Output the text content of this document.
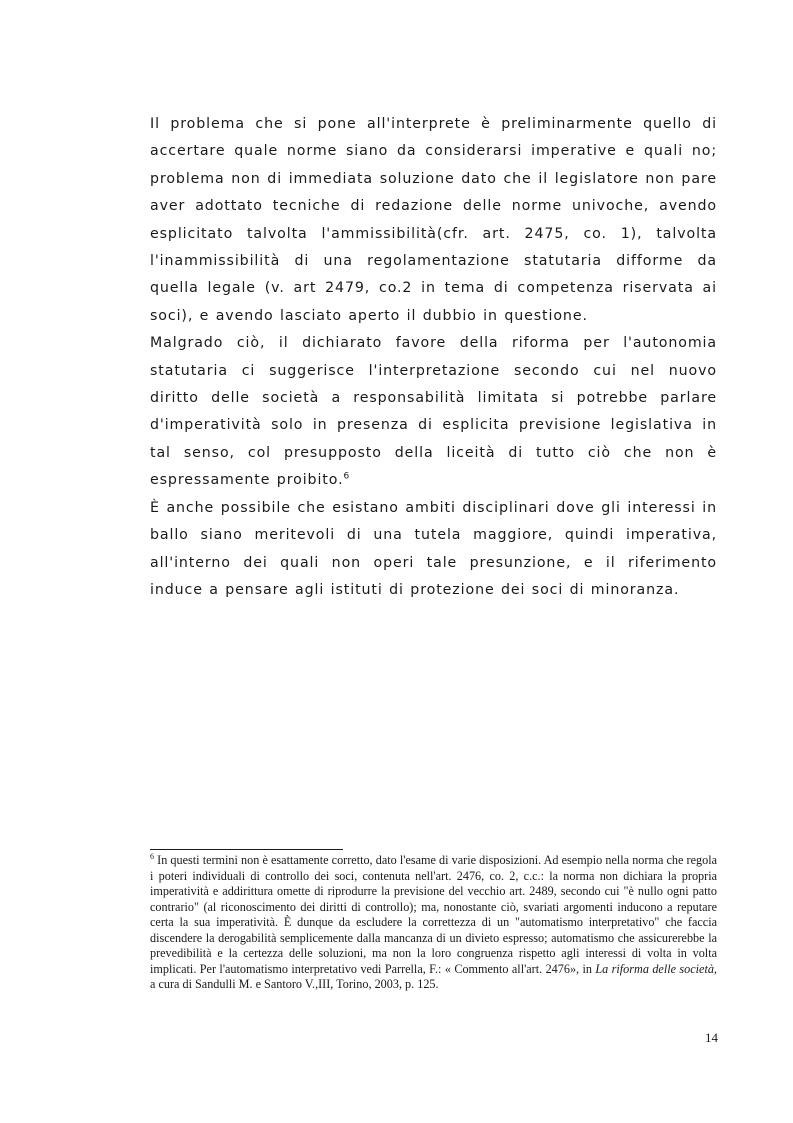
Il problema che si pone all'interprete è preliminarmente quello di accertare quale norme siano da considerarsi imperative e quali no; problema non di immediata soluzione dato che il legislatore non pare aver adottato tecniche di redazione delle norme univoche, avendo esplicitato talvolta l'ammissibilità(cfr. art. 2475, co. 1), talvolta l'inammissibilità di una regolamentazione statutaria difforme da quella legale (v. art 2479, co.2 in tema di competenza riservata ai soci), e avendo lasciato aperto il dubbio in questione.

Malgrado ciò, il dichiarato favore della riforma per l'autonomia statutaria ci suggerisce l'interpretazione secondo cui nel nuovo diritto delle società a responsabilità limitata si potrebbe parlare d'imperatività solo in presenza di esplicita previsione legislativa in tal senso, col presupposto della liceità di tutto ciò che non è espressamente proibito.$^6$

È anche possibile che esistano ambiti disciplinari dove gli interessi in ballo siano meritevoli di una tutela maggiore, quindi imperativa, all'interno dei quali non operi tale presunzione, e il riferimento induce a pensare agli istituti di protezione dei soci di minoranza.

$^6$ In questi termini non è esattamente corretto, dato l'esame di varie disposizioni. Ad esempio nella norma che regola i poteri individuali di controllo dei soci, contenuta nell'art. 2476, co. 2, c.c.: la norma non dichiara la propria imperatività e addirittura omette di riprodurre la previsione del vecchio art. 2489, secondo cui "è nullo ogni patto contrario" (al riconoscimento dei diritti di controllo); ma, nonostante ciò, svariati argomenti inducono a reputare certa la sua imperatività. È dunque da escludere la correttezza di un "automatismo interpretativo" che faccia discendere la derogabilità semplicemente dalla mancanza di un divieto espresso; automatismo che assicurerebbe la prevedibilità e la certezza delle soluzioni, ma non la loro congruenza rispetto agli interessi di volta in volta implicati. Per l'automatismo interpretativo vedi Parrella, F.: « Commento all'art. 2476», in La riforma delle società, a cura di Sandulli M. e Santoro V.,III, Torino, 2003, p. 125.

14
